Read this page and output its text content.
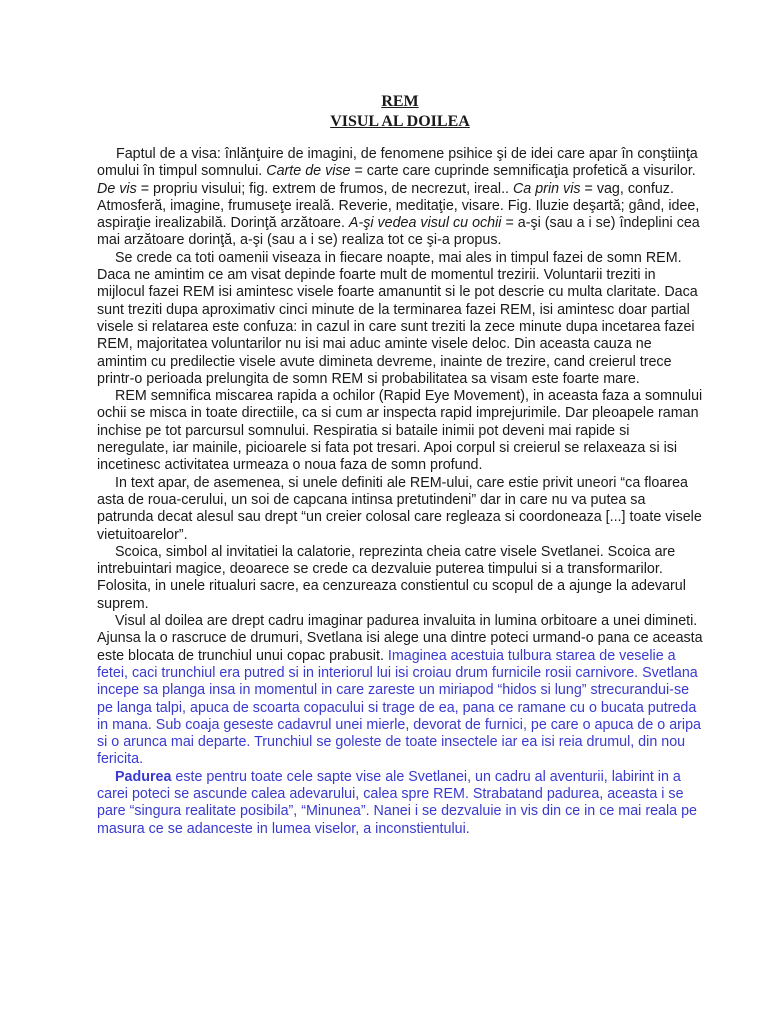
REM
VISUL AL DOILEA

Faptul de a visa: înlănţuire de imagini, de fenomene psihice şi de idei care apar în conştiinţa omului în timpul somnului. Carte de vise = carte care cuprinde semnificaţia profetică a visurilor. De vis = propriu visului; fig. extrem de frumos, de necrezut, ireal.. Ca prin vis = vag, confuz. Atmosferă, imagine, frumuseţe ireală. Reverie, meditaţie, visare. Fig. Iluzie deşartă; gând, idee, aspiraţie irealizabilă. Dorinţă arzătoare. A-şi vedea visul cu ochii = a-şi (sau a i se) îndeplini cea mai arzătoare dorinţă, a-şi (sau a i se) realiza tot ce şi-a propus.

Se crede ca toti oamenii viseaza in fiecare noapte, mai ales in timpul fazei de somn REM. Daca ne amintim ce am visat depinde foarte mult de momentul trezirii. Voluntarii treziti in mijlocul fazei REM isi amintesc visele foarte amanuntit si le pot descrie cu multa claritate. Daca sunt treziti dupa aproximativ cinci minute de la terminarea fazei REM, isi amintesc doar partial visele si relatarea este confuza: in cazul in care sunt treziti la zece minute dupa incetarea fazei REM, majoritatea voluntarilor nu isi mai aduc aminte visele deloc. Din aceasta cauza ne amintim cu predilectie visele avute dimineta devreme, inainte de trezire, cand creierul trece printr-o perioada prelungita de somn REM si probabilitatea sa visam este foarte mare.

REM semnifica miscarea rapida a ochilor (Rapid Eye Movement), in aceasta faza a somnului ochii se misca in toate directiile, ca si cum ar inspecta rapid imprejurimile. Dar pleoapele raman inchise pe tot parcursul somnului. Respiratia si bataile inimii pot deveni mai rapide si neregulate, iar mainile, picioarele si fata pot tresari. Apoi corpul si creierul se relaxeaza si isi incetinesc activitatea urmeaza o noua faza de somn profund.

In text apar, de asemenea, si unele definiti ale REM-ului, care estie privit uneori “ca floarea asta de roua-cerului, un soi de capcana intinsa pretutindeni” dar in care nu va putea sa patrunda decat alesul sau drept “un creier colosal care regleaza si coordoneaza [...] toate visele vietuitoarelor”.

Scoica, simbol al invitatiei la calatorie, reprezinta cheia catre visele Svetlanei. Scoica are intrebuintari magice, deoarece se crede ca dezvaluie puterea timpului si a transformarilor. Folosita, in unele ritualuri sacre, ea cenzureaza constientul cu scopul de a ajunge la adevarul suprem.

Visul al doilea are drept cadru imaginar padurea invaluita in lumina orbitoare a unei dimineti. Ajunsa la o rascruce de drumuri, Svetlana isi alege una dintre poteci urmand-o pana ce aceasta este blocata de trunchiul unui copac prabusit. Imaginea acestuia tulbura starea de veselie a fetei, caci trunchiul era putred si in interiorul lui isi croiau drum furnicile rosii carnivore. Svetlana incepe sa planga insa in momentul in care zareste un miriapod “hidos si lung” strecurandui-se pe langa talpi, apuca de scoarta copacului si trage de ea, pana ce ramane cu o bucata putreda in mana. Sub coaja geseste cadavrul unei mierle, devorat de furnici, pe care o apuca de o aripa si o arunca mai departe. Trunchiul se goleste de toate insectele iar ea isi reia drumul, din nou fericita.

Padurea este pentru toate cele sapte vise ale Svetlanei, un cadru al aventurii, labirint in a carei poteci se ascunde calea adevarului, calea spre REM. Strabatand padurea, aceasta i se pare “singura realitate posibila”, “Minunea”. Nanei i se dezvaluie in vis din ce in ce mai reala pe masura ce se adanceste in lumea viselor, a inconstientului.
